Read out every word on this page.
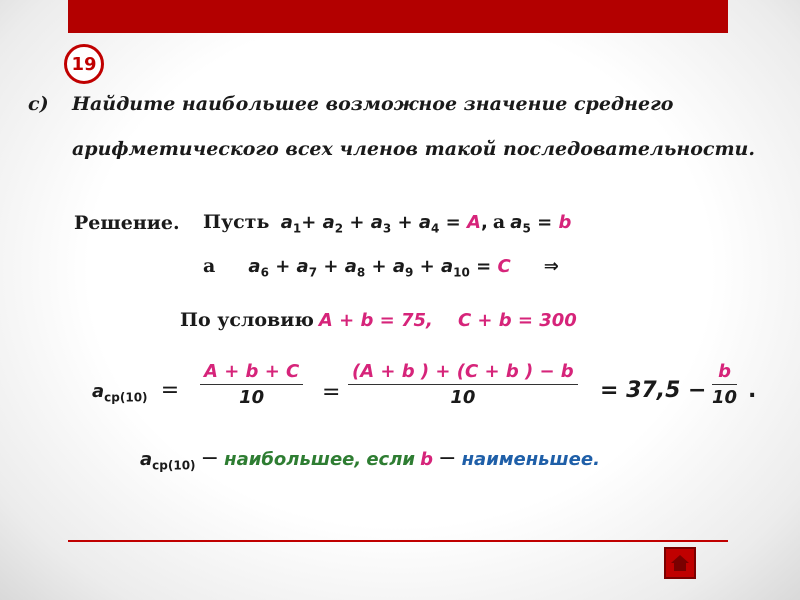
19
с) Найдите наибольшее возможное значение среднего
арифметического всех членов такой последовательности.
Решение. Пусть $a_1+ a_2 + a_3 + a_4 = A$, а $a_5 = b$
а $a_6 + a_7 + a_8 + a_9 + a_{10} = C$ ⇒
По условию A + b = 75, C + b = 300
$a_{ср(10)} = \frac{A + b + C}{10} = \frac{(A + b ) + (C + b ) - b}{10} = 37,5 - \frac{b}{10}$ .
$a_{ср(10)}$ − наибольшее, если b − наименьшее.
